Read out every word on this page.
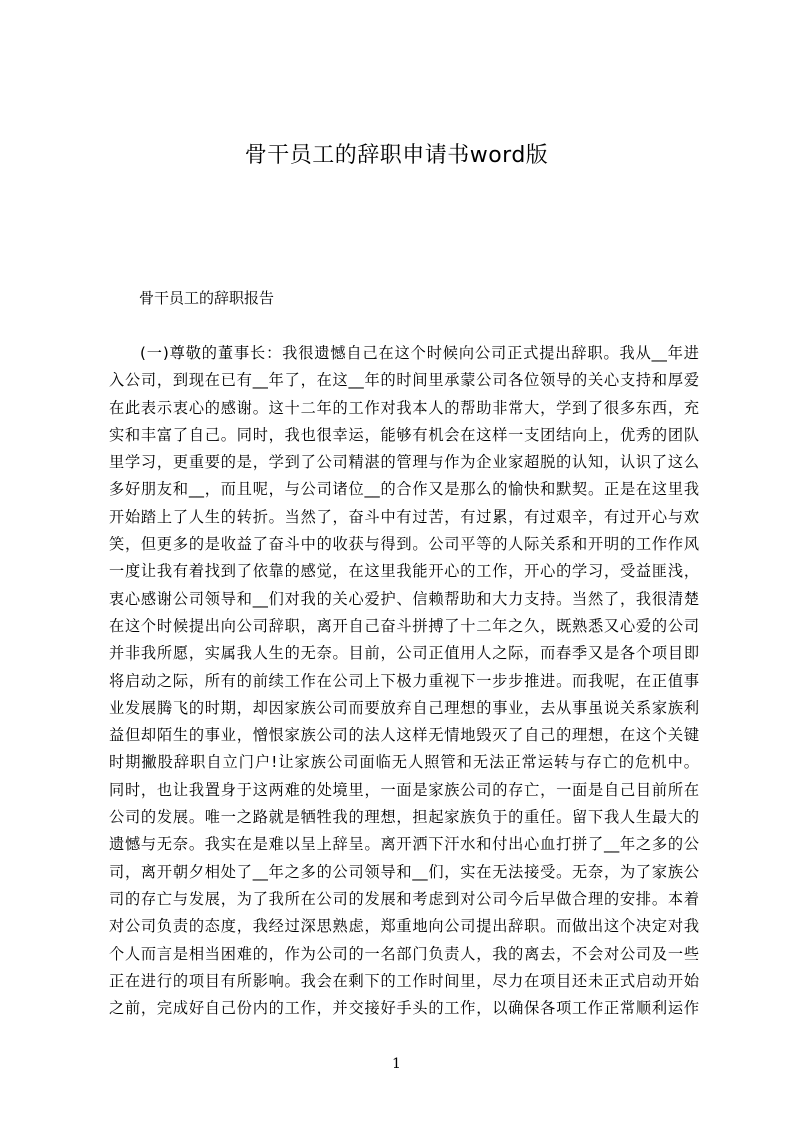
骨干员工的辞职申请书word版

骨干员工的辞职报告

(一)尊敬的董事长：我很遗憾自己在这个时候向公司正式提出辞职。我从__年进
入公司，到现在已有__年了，在这__年的时间里承蒙公司各位领导的关心支持和厚爱
在此表示衷心的感谢。这十二年的工作对我本人的帮助非常大，学到了很多东西，充
实和丰富了自己。同时，我也很幸运，能够有机会在这样一支团结向上，优秀的团队
里学习，更重要的是，学到了公司精湛的管理与作为企业家超脱的认知，认识了这么
多好朋友和__，而且呢，与公司诸位__的合作又是那么的愉快和默契。正是在这里我
开始踏上了人生的转折。当然了，奋斗中有过苦，有过累，有过艰辛，有过开心与欢
笑，但更多的是收益了奋斗中的收获与得到。公司平等的人际关系和开明的工作作风
一度让我有着找到了依靠的感觉，在这里我能开心的工作，开心的学习，受益匪浅，
衷心感谢公司领导和__们对我的关心爱护、信赖帮助和大力支持。当然了，我很清楚
在这个时候提出向公司辞职，离开自己奋斗拼搏了十二年之久，既熟悉又心爱的公司
并非我所愿，实属我人生的无奈。目前，公司正值用人之际，而春季又是各个项目即
将启动之际，所有的前续工作在公司上下极力重视下一步步推进。而我呢，在正值事
业发展腾飞的时期，却因家族公司而要放弃自己理想的事业，去从事虽说关系家族利
益但却陌生的事业，憎恨家族公司的法人这样无情地毁灭了自己的理想，在这个关键
时期撇股辞职自立门户!让家族公司面临无人照管和无法正常运转与存亡的危机中。
同时，也让我置身于这两难的处境里，一面是家族公司的存亡，一面是自己目前所在
公司的发展。唯一之路就是牺牲我的理想，担起家族负于的重任。留下我人生最大的
遗憾与无奈。我实在是难以呈上辞呈。离开洒下汗水和付出心血打拼了__年之多的公
司，离开朝夕相处了__年之多的公司领导和__们，实在无法接受。无奈，为了家族公
司的存亡与发展，为了我所在公司的发展和考虑到对公司今后早做合理的安排。本着
对公司负责的态度，我经过深思熟虑，郑重地向公司提出辞职。而做出这个决定对我
个人而言是相当困难的，作为公司的一名部门负责人，我的离去，不会对公司及一些
正在进行的项目有所影响。我会在剩下的工作时间里，尽力在项目还未正式启动开始
之前，完成好自己份内的工作，并交接好手头的工作，以确保各项工作正常顺利运作
1
